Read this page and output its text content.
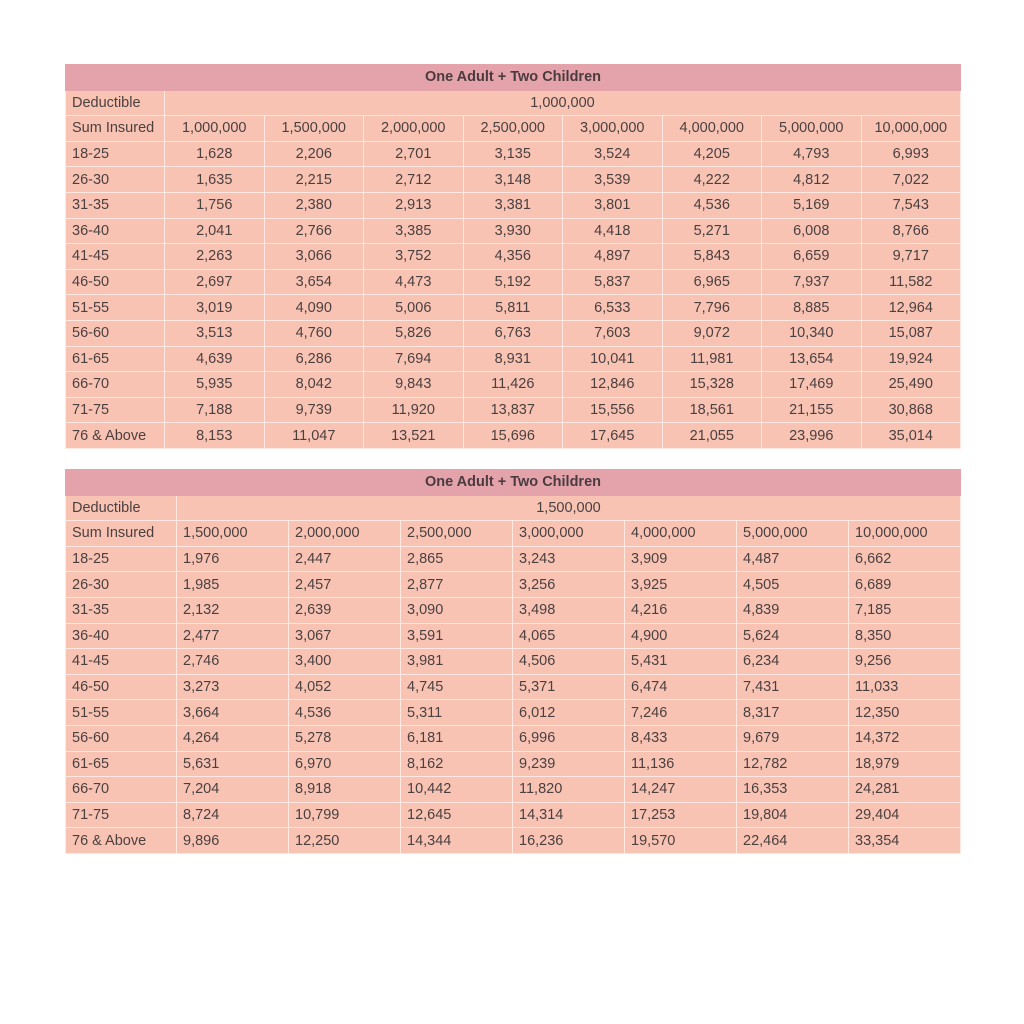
One Adult + Two Children								
Deductible	1,000,000							
Sum Insured	1,000,000	1,500,000	2,000,000	2,500,000	3,000,000	4,000,000	5,000,000	10,000,000
18-25	1,628	2,206	2,701	3,135	3,524	4,205	4,793	6,993
26-30	1,635	2,215	2,712	3,148	3,539	4,222	4,812	7,022
31-35	1,756	2,380	2,913	3,381	3,801	4,536	5,169	7,543
36-40	2,041	2,766	3,385	3,930	4,418	5,271	6,008	8,766
41-45	2,263	3,066	3,752	4,356	4,897	5,843	6,659	9,717
46-50	2,697	3,654	4,473	5,192	5,837	6,965	7,937	11,582
51-55	3,019	4,090	5,006	5,811	6,533	7,796	8,885	12,964
56-60	3,513	4,760	5,826	6,763	7,603	9,072	10,340	15,087
61-65	4,639	6,286	7,694	8,931	10,041	11,981	13,654	19,924
66-70	5,935	8,042	9,843	11,426	12,846	15,328	17,469	25,490
71-75	7,188	9,739	11,920	13,837	15,556	18,561	21,155	30,868
76 & Above	8,153	11,047	13,521	15,696	17,645	21,055	23,996	35,014
One Adult + Two Children							
Deductible	1,500,000						
Sum Insured	1,500,000	2,000,000	2,500,000	3,000,000	4,000,000	5,000,000	10,000,000
18-25	1,976	2,447	2,865	3,243	3,909	4,487	6,662
26-30	1,985	2,457	2,877	3,256	3,925	4,505	6,689
31-35	2,132	2,639	3,090	3,498	4,216	4,839	7,185
36-40	2,477	3,067	3,591	4,065	4,900	5,624	8,350
41-45	2,746	3,400	3,981	4,506	5,431	6,234	9,256
46-50	3,273	4,052	4,745	5,371	6,474	7,431	11,033
51-55	3,664	4,536	5,311	6,012	7,246	8,317	12,350
56-60	4,264	5,278	6,181	6,996	8,433	9,679	14,372
61-65	5,631	6,970	8,162	9,239	11,136	12,782	18,979
66-70	7,204	8,918	10,442	11,820	14,247	16,353	24,281
71-75	8,724	10,799	12,645	14,314	17,253	19,804	29,404
76 & Above	9,896	12,250	14,344	16,236	19,570	22,464	33,354
